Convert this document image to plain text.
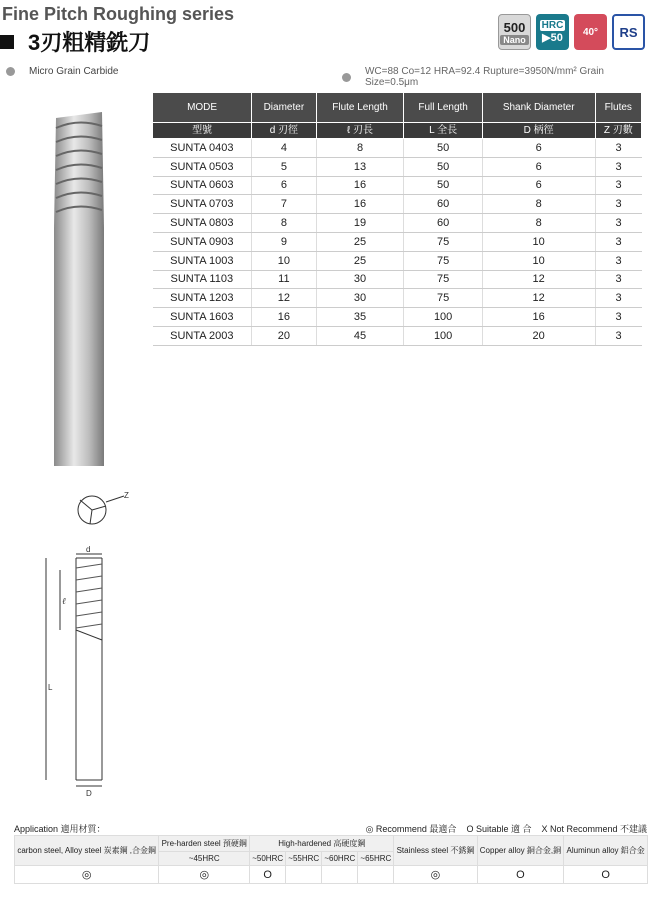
Fine Pitch Roughing series
3刃粗精銑刀
500
Nano
HRC
▶50 40° RS
Micro Grain Carbide	WC=88 Co=12 HRA=92.4 Rupture=3950N/mm² Grain Size=0.5μm
MODE	Diameter	Flute Length	Full Length	Shank Diameter	Flutes
型號	d 刃徑	ℓ 刃長	L 全長	D 柄徑	Z 刃數
SUNTA 0403	4	8	50	6	3
SUNTA 0503	5	13	50	6	3
SUNTA 0603	6	16	50	6	3
SUNTA 0703	7	16	60	8	3
SUNTA 0803	8	19	60	8	3
SUNTA 0903	9	25	75	10	3
SUNTA 1003	10	25	75	10	3
SUNTA 1103	11	30	75	12	3
SUNTA 1203	12	30	75	12	3
SUNTA 1603	16	35	100	16	3
SUNTA 2003	20	45	100	20	3
Z
d
ℓ
L
D
Application 適用材質：	◎ Recommend 最適合 O Suitable 適 合 X Not Recommend 不建議
carbon steel, Alloy steel 炭素鋼 ,合金鋼	Pre-harden steel 預硬鋼	High-hardened 高硬度鋼				Stainless steel 不銹鋼	Copper alloy 銅合金,銅	Aluminun alloy 鋁合金
	~45HRC	~50HRC	~55HRC	~60HRC	~65HRC			
◎	◎	O				◎	O	O
